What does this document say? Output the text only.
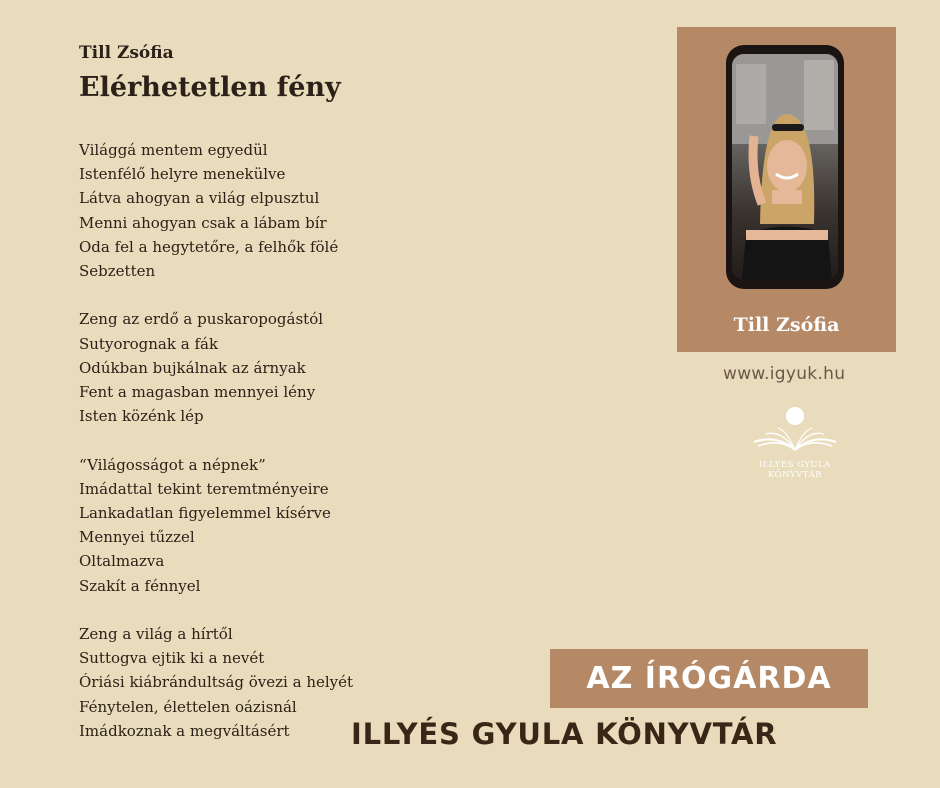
Till Zsófia
Elérhetetlen fény
Világgá mentem egyedül
Istenfélő helyre menekülve
Látva ahogyan a világ elpusztul
Menni ahogyan csak a lábam bír
Oda fel a hegytetőre, a felhők fölé
Sebzetten
Zeng az erdő a puskaropogástól
Sutyorognak a fák
Odúkban bujkálnak az árnyak
Fent a magasban mennyei lény
Isten közénk lép
“Világosságot a népnek”
Imádattal tekint teremtményeire
Lankadatlan figyelemmel kísérve
Mennyei tűzzel
Oltalmazva
Szakít a fénnyel
Zeng a világ a hírtől
Suttogva ejtik ki a nevét
Óriási kiábrándultság övezi a helyét
Fénytelen, élettelen oázisnál
Imádkoznak a megváltásért
Till Zsófia
www.igyuk.hu
ILLYÉS GYULA
KÖNYVTÁR
AZ ÍRÓGÁRDA
ILLYÉS GYULA KÖNYVTÁR
